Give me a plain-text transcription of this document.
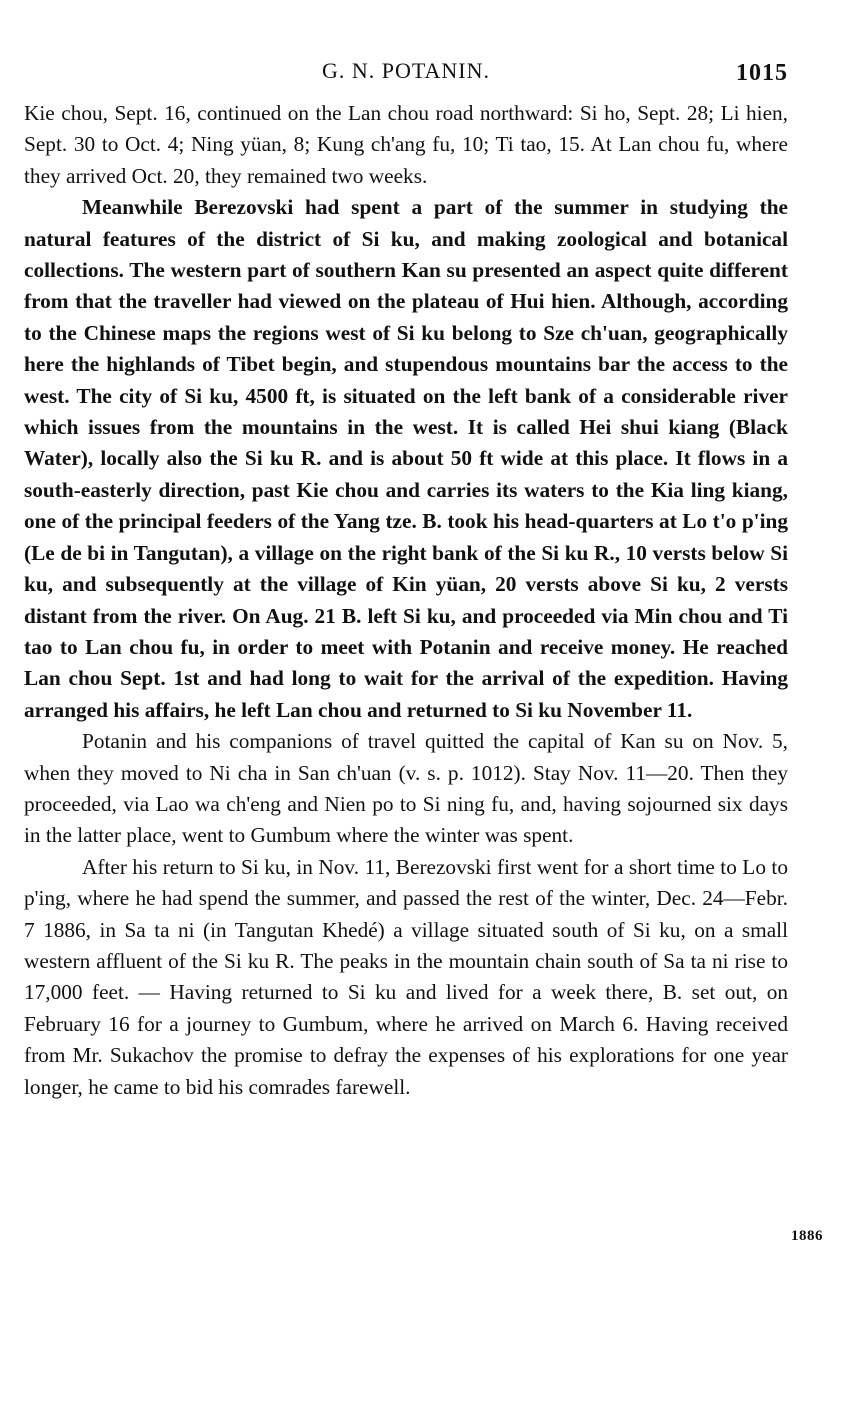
G. N. POTANIN.	1015

Kie chou, Sept. 16, continued on the Lan chou road northward: Si ho, Sept. 28; Li hien, Sept. 30 to Oct. 4; Ning yüan, 8; Kung ch'ang fu, 10; Ti tao, 15. At Lan chou fu, where they arrived Oct. 20, they remained two weeks.

Meanwhile Berezovski had spent a part of the summer in studying the natural features of the district of Si ku, and making zoological and botanical collections. The western part of southern Kan su presented an aspect quite different from that the traveller had viewed on the plateau of Hui hien. Although, according to the Chinese maps the regions west of Si ku belong to Sze ch'uan, geographically here the highlands of Tibet begin, and stupendous mountains bar the access to the west. The city of Si ku, 4500 ft, is situated on the left bank of a considerable river which issues from the mountains in the west. It is called Hei shui kiang (Black Water), locally also the Si ku R. and is about 50 ft wide at this place. It flows in a south-easterly direction, past Kie chou and carries its waters to the Kia ling kiang, one of the principal feeders of the Yang tze. B. took his head-quarters at Lo t'o p'ing (Le de bi in Tangutan), a village on the right bank of the Si ku R., 10 versts below Si ku, and subsequently at the village of Kin yüan, 20 versts above Si ku, 2 versts distant from the river. On Aug. 21 B. left Si ku, and proceeded via Min chou and Ti tao to Lan chou fu, in order to meet with Potanin and receive money. He reached Lan chou Sept. 1st and had long to wait for the arrival of the expedition. Having arranged his affairs, he left Lan chou and returned to Si ku November 11.

Potanin and his companions of travel quitted the capital of Kan su on Nov. 5, when they moved to Ni cha in San ch'uan (v. s. p. 1012). Stay Nov. 11—20. Then they proceeded, via Lao wa ch'eng and Nien po to Si ning fu, and, having sojourned six days in the latter place, went to Gumbum where the winter was spent.

After his return to Si ku, in Nov. 11, Berezovski first went for a short time to Lo to p'ing, where he had spend the summer, and passed the rest of the winter, Dec. 24—Febr. 7 1886, in Sa ta ni (in Tangutan Khedé) a village situated south of Si ku, on a small western affluent of the Si ku R. The peaks in the mountain chain south of Sa ta ni rise to 17,000 feet. — Having returned to Si ku and lived for a week there, B. set out, on February 16 for a journey to Gumbum, where he arrived on March 6. Having received from Mr. Sukachov the promise to defray the expenses of his explorations for one year longer, he came to bid his comrades farewell.

1886
